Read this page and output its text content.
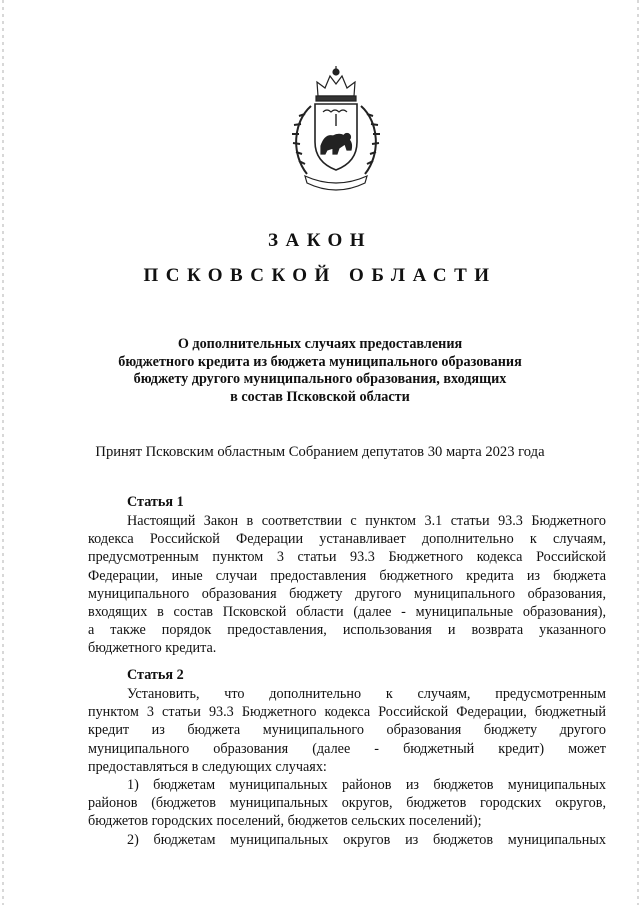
ЗАКОН
ПСКОВСКОЙ ОБЛАСТИ
О дополнительных случаях предоставления
бюджетного кредита из бюджета муниципального образования
бюджету другого муниципального образования, входящих
в состав Псковской области
Принят Псковским областным Собранием депутатов 30 марта 2023 года
Статья 1
Настоящий Закон в соответствии с пунктом 3.1 статьи 93.3 Бюджетного
кодекса Российской Федерации устанавливает дополнительно к случаям,
предусмотренным пунктом 3 статьи 93.3 Бюджетного кодекса Российской
Федерации, иные случаи предоставления бюджетного кредита из бюджета
муниципального образования бюджету другого муниципального образования,
входящих в состав Псковской области (далее - муниципальные образования),
а также порядок предоставления, использования и возврата указанного
бюджетного кредита.
Статья 2
Установить, что дополнительно к случаям, предусмотренным
пунктом 3 статьи 93.3 Бюджетного кодекса Российской Федерации, бюджетный
кредит из бюджета муниципального образования бюджету другого
муниципального образования (далее - бюджетный кредит) может
предоставляться в следующих случаях:
1) бюджетам муниципальных районов из бюджетов муниципальных
районов (бюджетов муниципальных округов, бюджетов городских округов,
бюджетов городских поселений, бюджетов сельских поселений);
2) бюджетам муниципальных округов из бюджетов муниципальных
